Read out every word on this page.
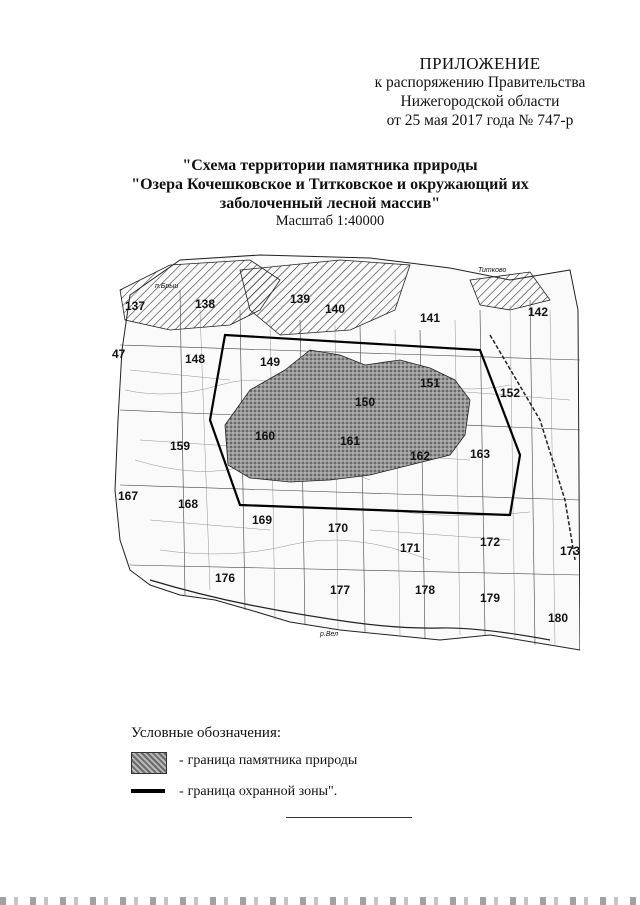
ПРИЛОЖЕНИЕ
к распоряжению Правительства
Нижегородской области
от 25 мая 2017 года № 747-р
"Схема территории памятника природы
"Озера Кочешковское и Титковское и окружающий их
заболоченный лесной массив"
Масштаб 1:40000
п.Брыи
р.Вел
Титково
137	138	139
140
141	142
47	148	149
150
151
152
159
160	161
162	163
167
168
169
170
171	172
173
176
177	178
179
180
Условные обозначения:
- граница памятника природы
- граница охранной зоны".
